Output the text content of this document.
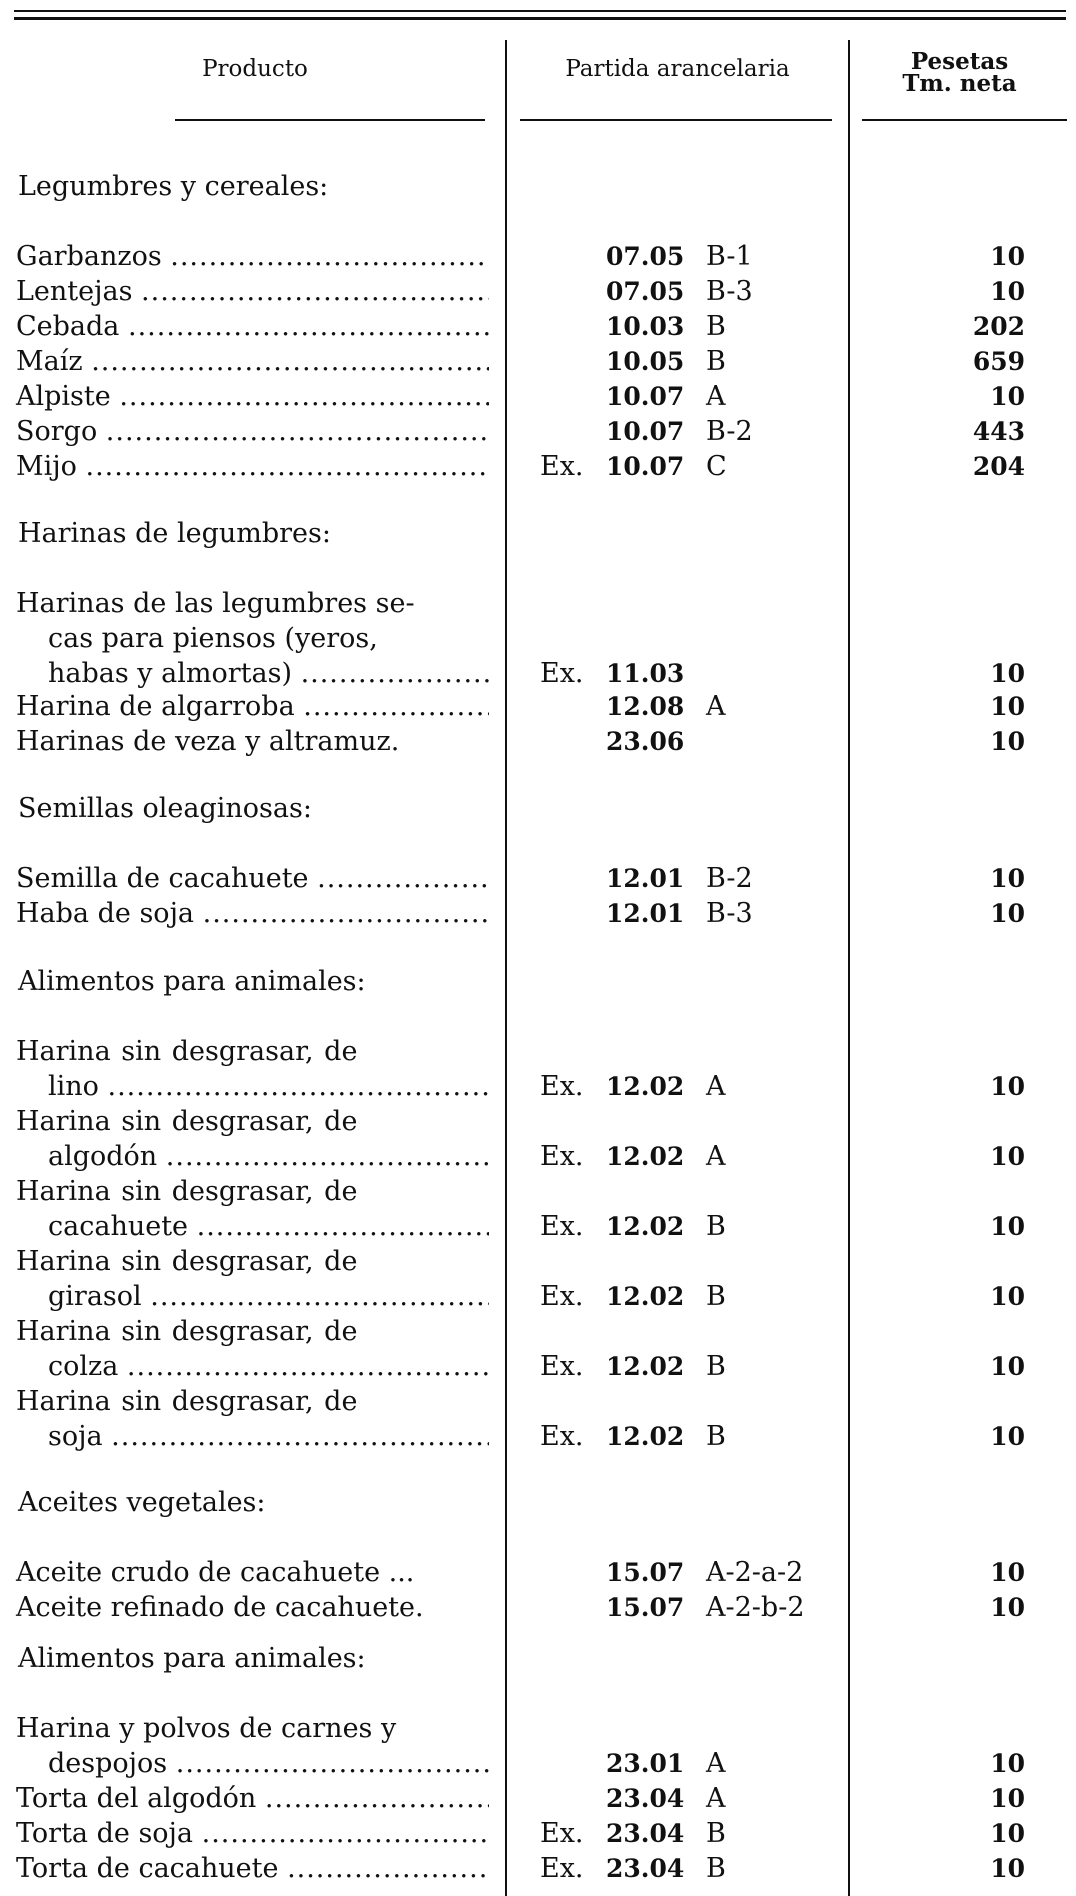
Producto	Partida arancelaria	Pesetas
Tm. neta
Legumbres y cereales:
Garbanzos .....	07.05 B-1	10
Lentejas .....	07.05 B-3	10
Cebada .....	10.03 B	202
Maíz .....	10.05 B	659
Alpiste .....	10.07 A	10
Sorgo .....	10.07 B-2	443
Mijo .....	Ex. 10.07 C	204
Harinas de legumbres:
Harinas de las legumbres se-
cas para piensos (yeros,
habas y almortas) .....	Ex. 11.03	10
Harina de algarroba .....	12.08 A	10
Harinas de veza y altramuz.	23.06	10
Semillas oleaginosas:
Semilla de cacahuete .....	12.01 B-2	10
Haba de soja .....	12.01 B-3	10
Alimentos para animales:
Harina sin desgrasar, de
lino .....	Ex. 12.02 A	10
Harina sin desgrasar, de
algodón .....	Ex. 12.02 A	10
Harina sin desgrasar, de
cacahuete .....	Ex. 12.02 B	10
Harina sin desgrasar, de
girasol .....	Ex. 12.02 B	10
Harina sin desgrasar, de
colza .....	Ex. 12.02 B	10
Harina sin desgrasar, de
soja .....	Ex. 12.02 B	10
Aceites vegetales:
Aceite crudo de cacahuete ...	15.07 A-2-a-2	10
Aceite refinado de cacahuete.	15.07 A-2-b-2	10
Alimentos para animales:
Harina y polvos de carnes y
despojos .....	23.01 A	10
Torta del algodón .....	23.04 A	10
Torta de soja .....	Ex. 23.04 B	10
Torta de cacahuete .....	Ex. 23.04 B	10
